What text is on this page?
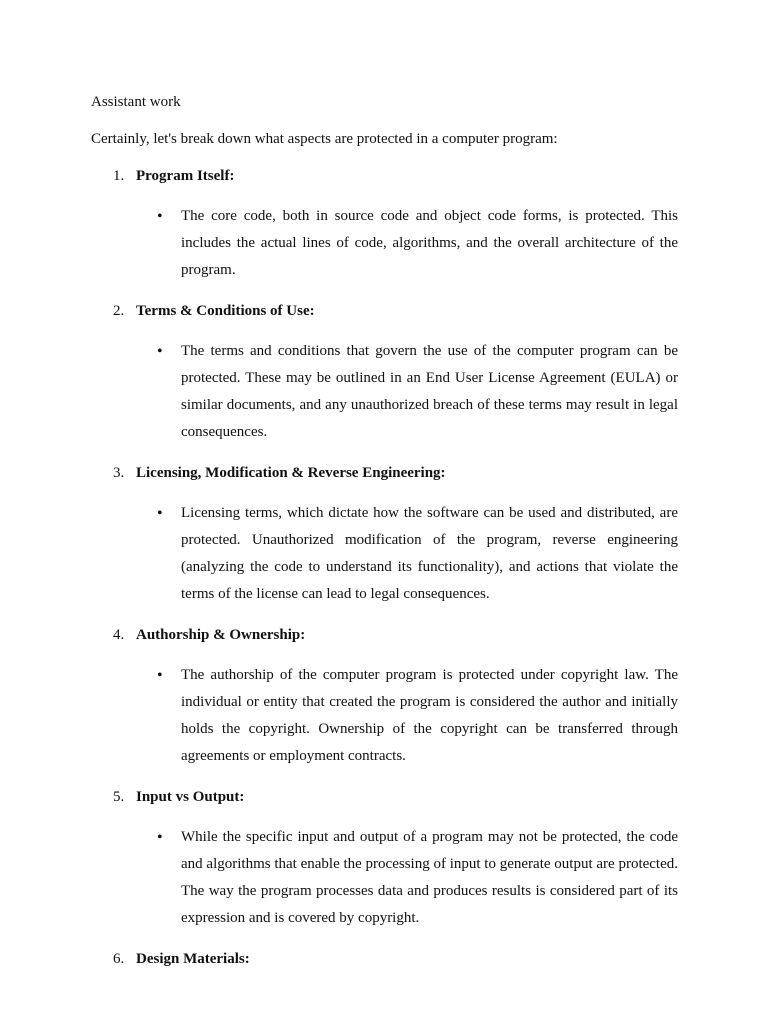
Assistant work

Certainly, let's break down what aspects are protected in a computer program:

1. Program Itself:
• The core code, both in source code and object code forms, is protected. This includes the actual lines of code, algorithms, and the overall architecture of the program.
2. Terms & Conditions of Use:
• The terms and conditions that govern the use of the computer program can be protected. These may be outlined in an End User License Agreement (EULA) or similar documents, and any unauthorized breach of these terms may result in legal consequences.
3. Licensing, Modification & Reverse Engineering:
• Licensing terms, which dictate how the software can be used and distributed, are protected. Unauthorized modification of the program, reverse engineering (analyzing the code to understand its functionality), and actions that violate the terms of the license can lead to legal consequences.
4. Authorship & Ownership:
• The authorship of the computer program is protected under copyright law. The individual or entity that created the program is considered the author and initially holds the copyright. Ownership of the copyright can be transferred through agreements or employment contracts.
5. Input vs Output:
• While the specific input and output of a program may not be protected, the code and algorithms that enable the processing of input to generate output are protected. The way the program processes data and produces results is considered part of its expression and is covered by copyright.
6. Design Materials:
